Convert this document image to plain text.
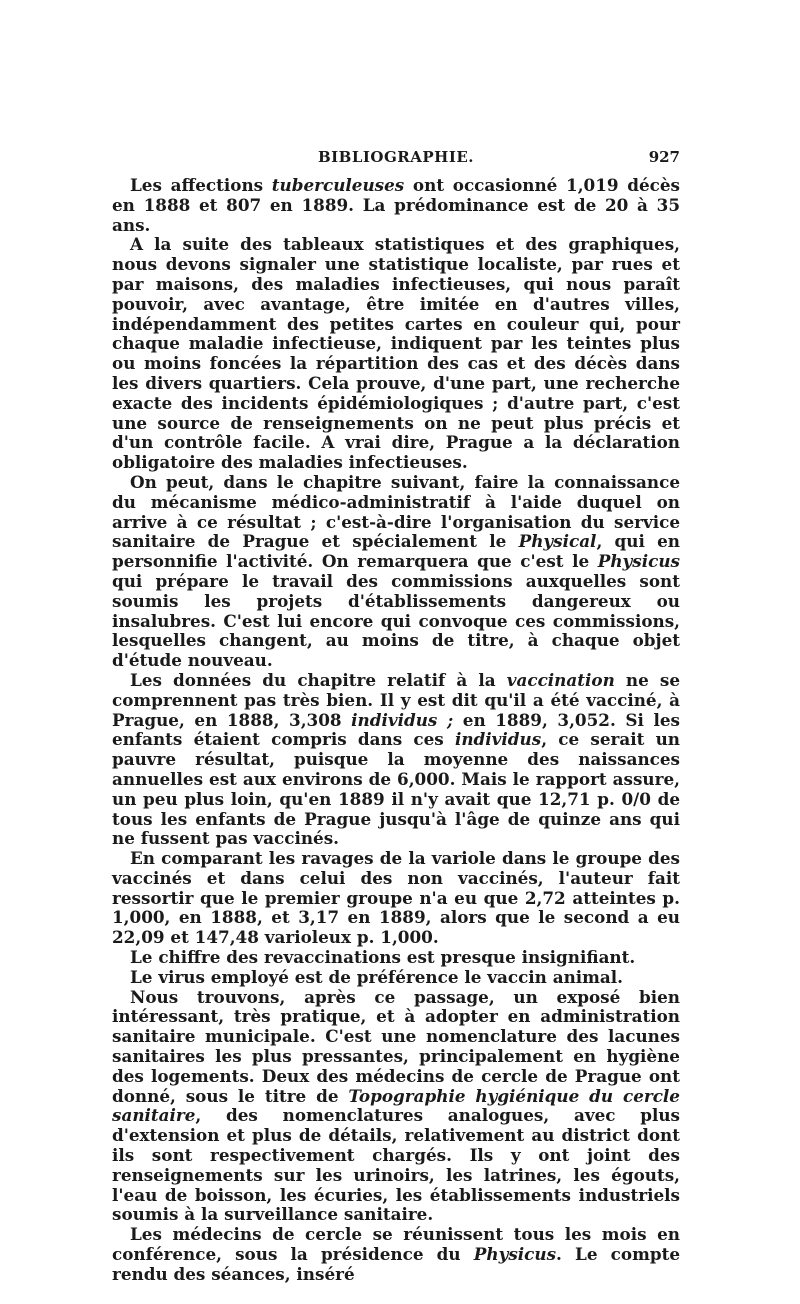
BIBLIOGRAPHIE.	927

Les affections tuberculeuses ont occasionné 1,019 décès en 1888 et 807 en 1889. La prédominance est de 20 à 35 ans.

A la suite des tableaux statistiques et des graphiques, nous devons signaler une statistique localiste, par rues et par maisons, des maladies infectieuses, qui nous paraît pouvoir, avec avantage, être imitée en d'autres villes, indépendamment des petites cartes en couleur qui, pour chaque maladie infectieuse, indiquent par les teintes plus ou moins foncées la répartition des cas et des décès dans les divers quartiers. Cela prouve, d'une part, une recherche exacte des incidents épidémiologiques ; d'autre part, c'est une source de renseignements on ne peut plus précis et d'un contrôle facile. A vrai dire, Prague a la déclaration obligatoire des maladies infectieuses.

On peut, dans le chapitre suivant, faire la connaissance du mécanisme médico-administratif à l'aide duquel on arrive à ce résultat ; c'est-à-dire l'organisation du service sanitaire de Prague et spécialement le Physical, qui en personnifie l'activité. On remarquera que c'est le Physicus qui prépare le travail des commissions auxquelles sont soumis les projets d'établissements dangereux ou insalubres. C'est lui encore qui convoque ces commissions, lesquelles changent, au moins de titre, à chaque objet d'étude nouveau.

Les données du chapitre relatif à la vaccination ne se comprennent pas très bien. Il y est dit qu'il a été vacciné, à Prague, en 1888, 3,308 individus ; en 1889, 3,052. Si les enfants étaient compris dans ces individus, ce serait un pauvre résultat, puisque la moyenne des naissances annuelles est aux environs de 6,000. Mais le rapport assure, un peu plus loin, qu'en 1889 il n'y avait que 12,71 p. 0/0 de tous les enfants de Prague jusqu'à l'âge de quinze ans qui ne fussent pas vaccinés.

En comparant les ravages de la variole dans le groupe des vaccinés et dans celui des non vaccinés, l'auteur fait ressortir que le premier groupe n'a eu que 2,72 atteintes p. 1,000, en 1888, et 3,17 en 1889, alors que le second a eu 22,09 et 147,48 varioleux p. 1,000.

Le chiffre des revaccinations est presque insignifiant.

Le virus employé est de préférence le vaccin animal.

Nous trouvons, après ce passage, un exposé bien intéressant, très pratique, et à adopter en administration sanitaire municipale. C'est une nomenclature des lacunes sanitaires les plus pressantes, principalement en hygiène des logements. Deux des médecins de cercle de Prague ont donné, sous le titre de Topographie hygiénique du cercle sanitaire, des nomenclatures analogues, avec plus d'extension et plus de détails, relativement au district dont ils sont respectivement chargés. Ils y ont joint des renseignements sur les urinoirs, les latrines, les égouts, l'eau de boisson, les écuries, les établissements industriels soumis à la surveillance sanitaire.

Les médecins de cercle se réunissent tous les mois en conférence, sous la présidence du Physicus. Le compte rendu des séances, inséré
